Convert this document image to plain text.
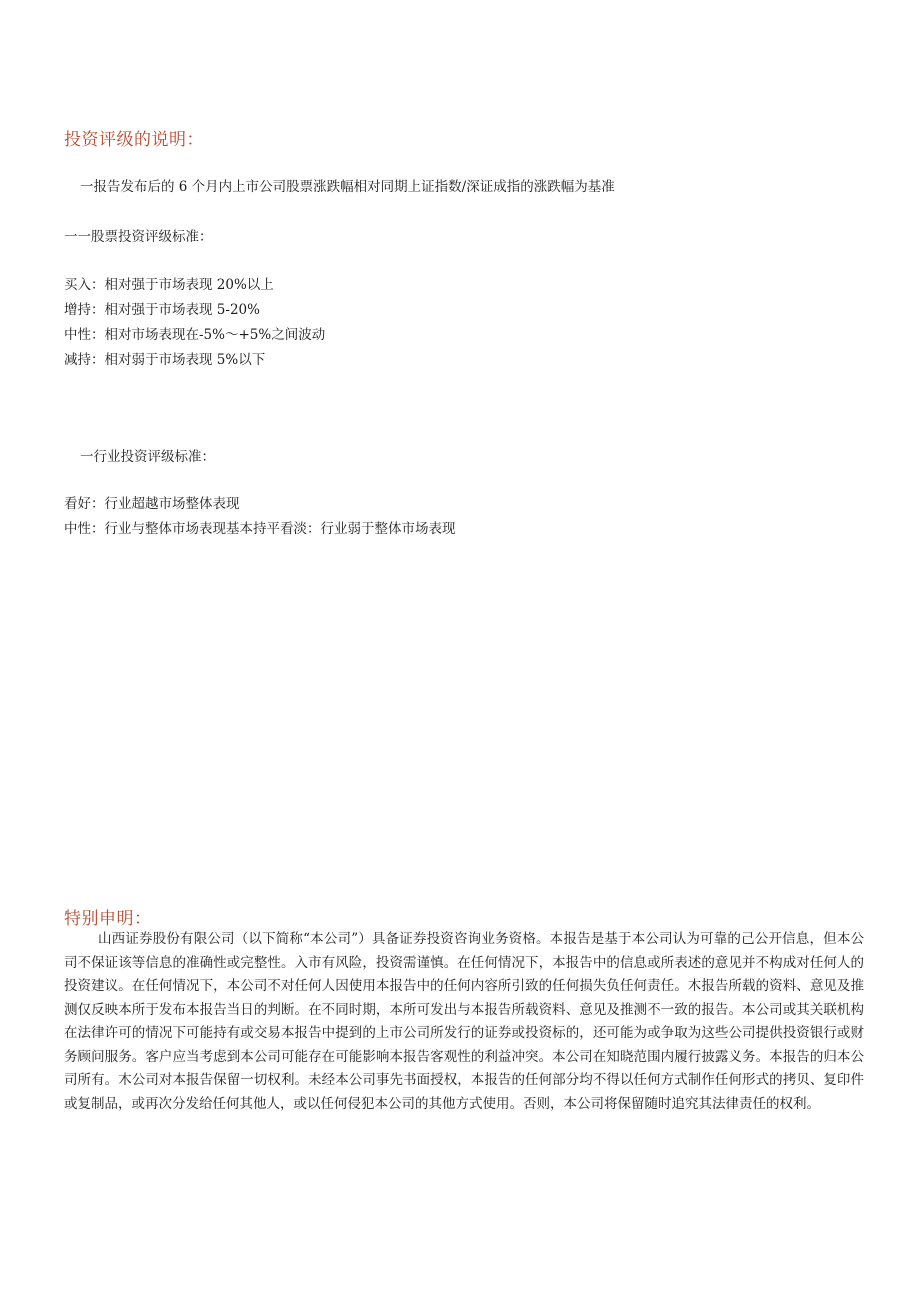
投资评级的说明：

一报告发布后的 6 个月内上市公司股票涨跌幅相对同期上证指数/深证成指的涨跌幅为基准

一一股票投资评级标准：

买入：相对强于市场表现 20%以上

增持：相对强于市场表现 5-20%

中性：相对市场表现在-5%～+5%之间波动

减持：相对弱于市场表现 5%以下

一行业投资评级标准：

看好：行业超越市场整体表现

中性：行业与整体市场表现基本持平看淡：行业弱于整体市场表现

特别申明：

山西证券股份有限公司（以下简称“本公司”）具备证券投资咨询业务资格。本报告是基于本公司认为可靠的己公开信息，但本公司不保证该等信息的准确性或完整性。入市有风险，投资需谨慎。在任何情况下，本报告中的信息或所表述的意见并不构成对任何人的投资建议。在任何情况下，本公司不对任何人因使用本报告中的任何内容所引致的任何损失负任何责任。木报告所载的资料、意见及推测仅反映本所于发布本报告当日的判断。在不同时期，本所可发出与本报告所载资料、意见及推测不一致的报告。本公司或其关联机构在法律许可的情况下可能持有或交易本报告中提到的上市公司所发行的证券或投资标的，还可能为或争取为这些公司提供投资银行或财务顾问服务。客户应当考虑到本公司可能存在可能影响本报告客观性的利益冲突。本公司在知晓范围内履行披露义务。本报告的归本公司所有。木公司对本报告保留一切权利。未经本公司事先书面授权，本报告的任何部分均不得以任何方式制作任何形式的拷贝、复印件或复制品，或再次分发给任何其他人，或以任何侵犯本公司的其他方式使用。否则，本公司将保留随时追究其法律责任的权利。
